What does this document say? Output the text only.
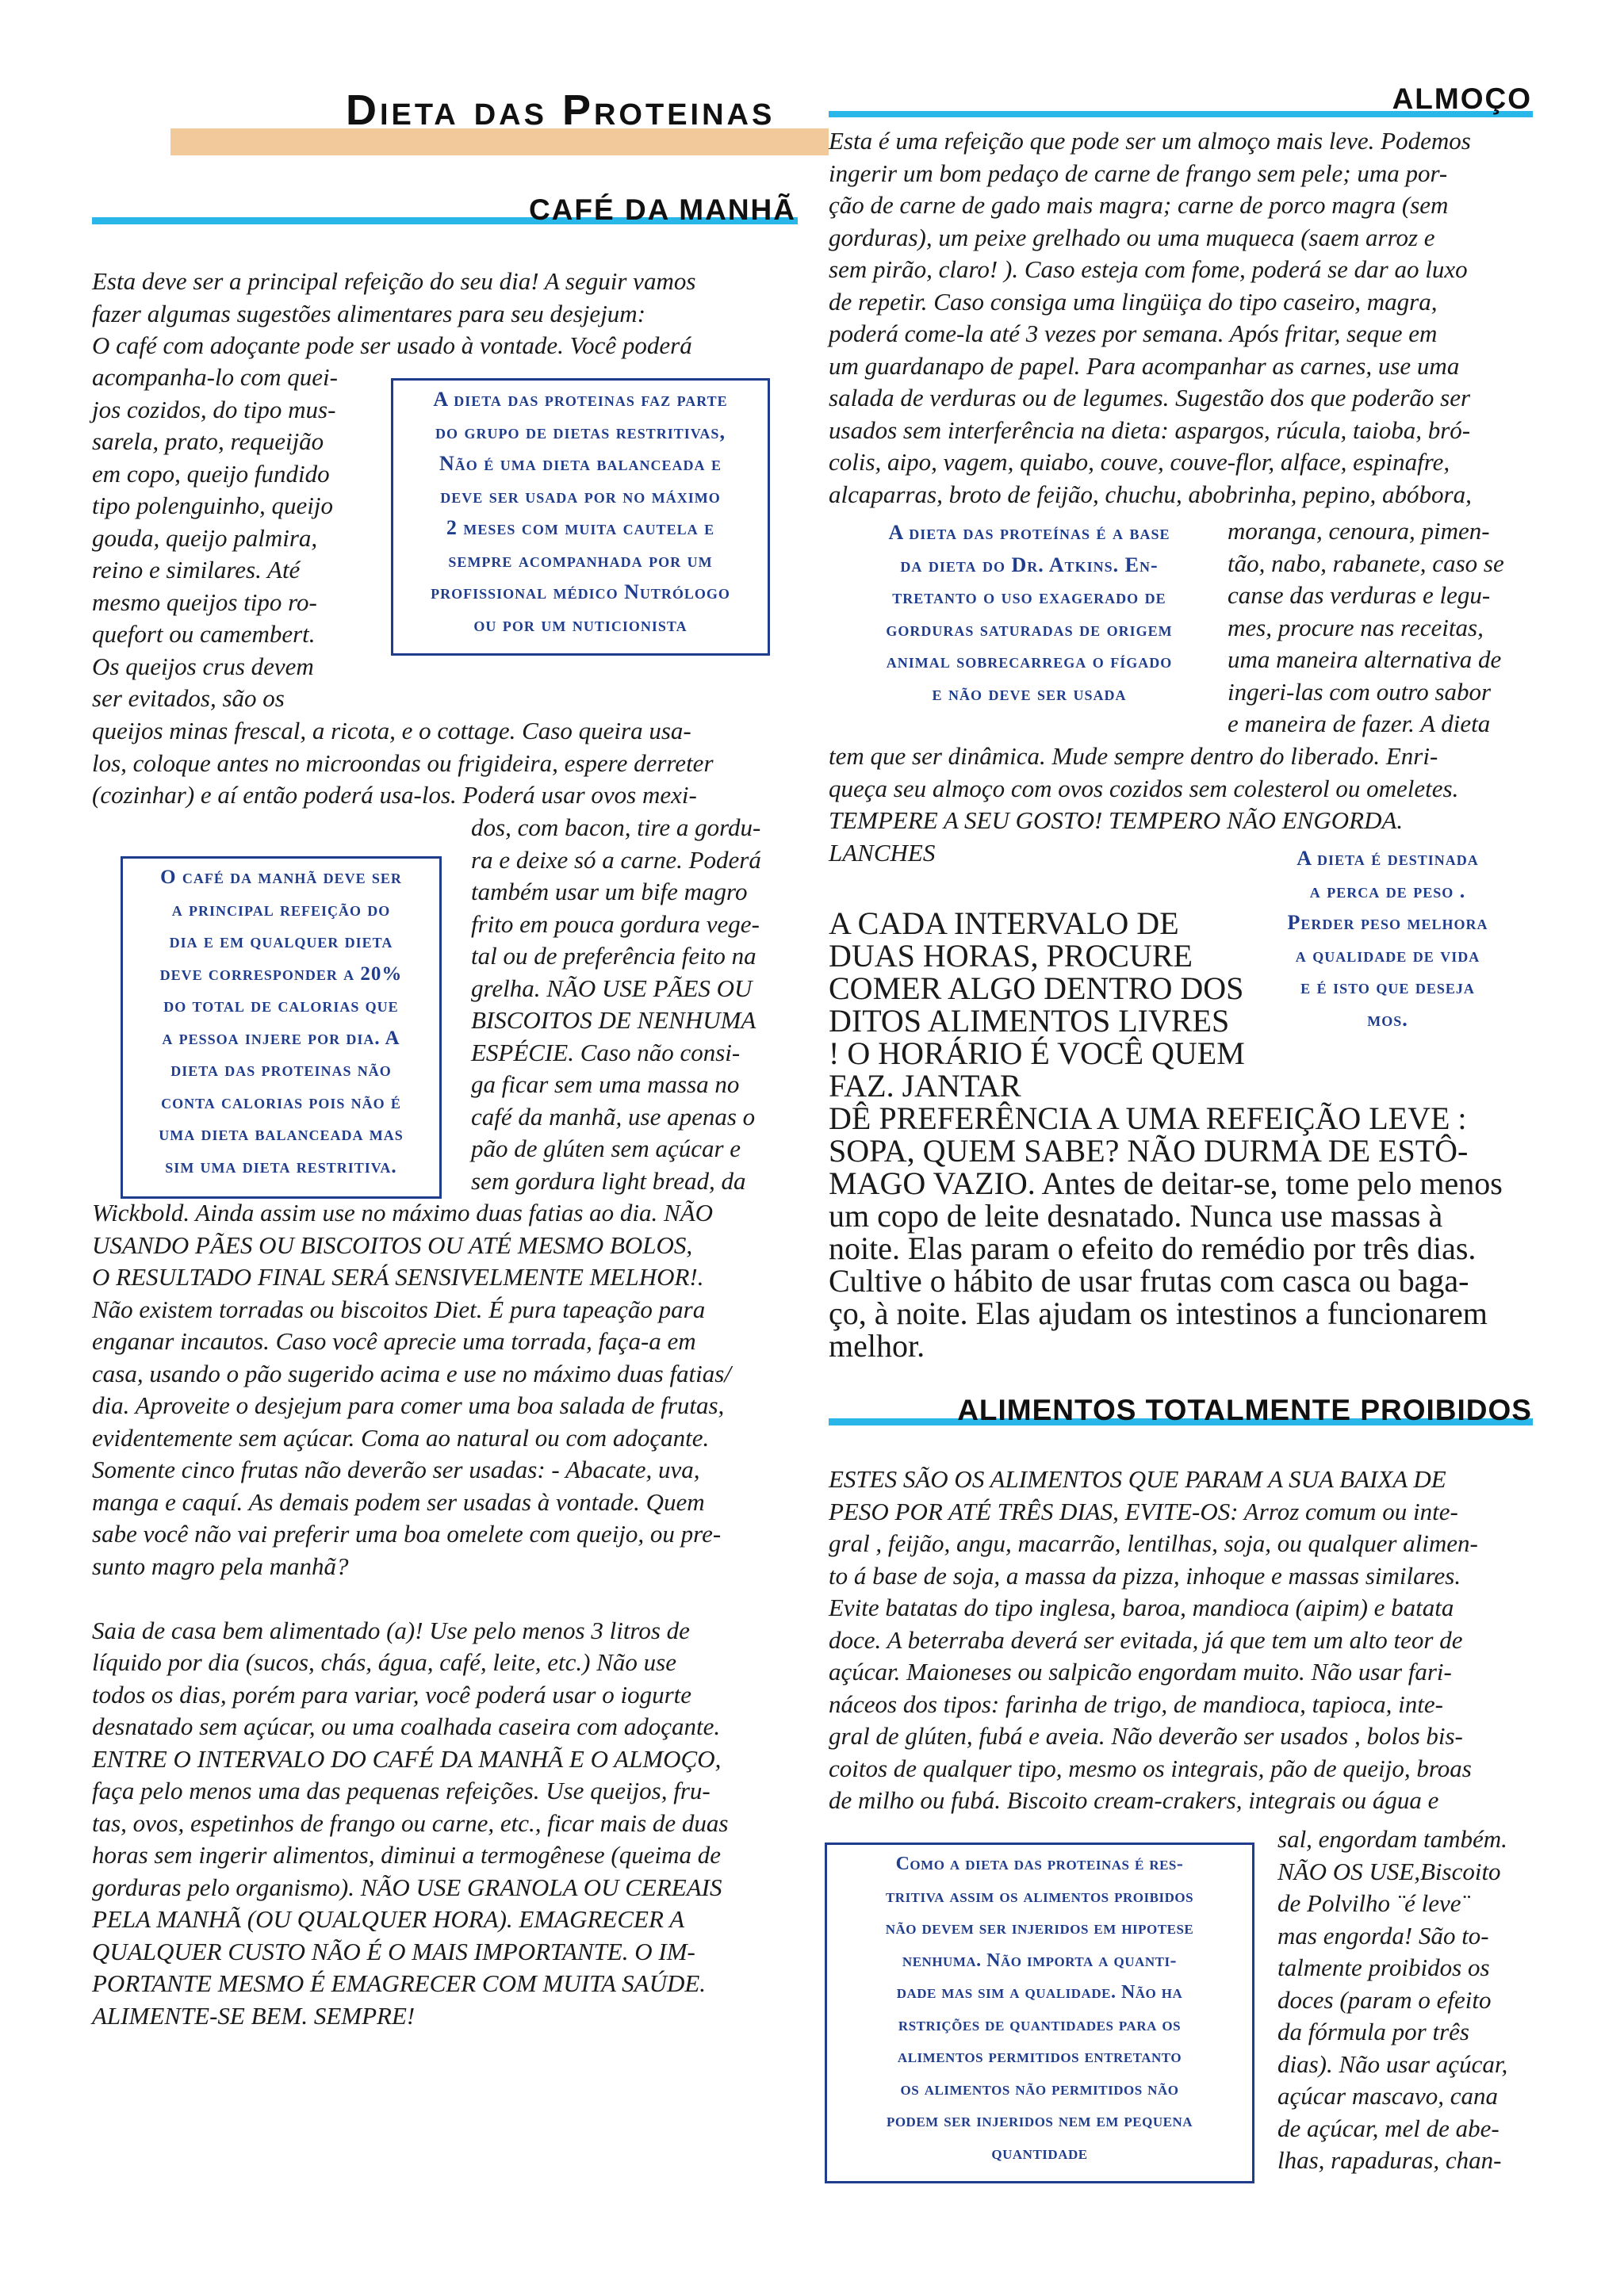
Dieta das Proteinas	ALMOÇO
CAFÉ DA MANHÃ
ALIMENTOS TOTALMENTE PROIBIDOS
Esta deve ser a principal refeição do seu dia! A seguir vamos
fazer algumas sugestões alimentares para seu desjejum:
O café com adoçante pode ser usado à vontade. Você poderá
acompanha-lo com quei-
jos cozidos, do tipo mus-
sarela, prato, requeijão
em copo, queijo fundido
tipo polenguinho, queijo
gouda, queijo palmira,
reino e similares. Até
mesmo queijos tipo ro-
quefort ou camembert.
Os queijos crus devem
ser evitados, são os
A dieta das proteinas faz parte
do grupo de dietas restritivas,
Não é uma dieta balanceada e
deve ser usada por no máximo
2 meses com muita cautela e
sempre acompanhada por um
profissional médico Nutrólogo
ou por um nuticionista
queijos minas frescal, a ricota, e o cottage. Caso queira usa-
los, coloque antes no microondas ou frigideira, espere derreter
(cozinhar) e aí então poderá usa-los. Poderá usar ovos mexi-
O café da manhã deve ser
a principal refeição do
dia e em qualquer dieta
deve corresponder a 20%
do total de calorias que
a pessoa injere por dia. A
dieta das proteinas não
conta calorias pois não é
uma dieta balanceada mas
sim uma dieta restritiva.
dos, com bacon, tire a gordu-
ra e deixe só a carne. Poderá
também usar um bife magro
frito em pouca gordura vege-
tal ou de preferência feito na
grelha. NÃO USE PÃES OU
BISCOITOS DE NENHUMA
ESPÉCIE. Caso não consi-
ga ficar sem uma massa no
café da manhã, use apenas o
pão de glúten sem açúcar e
sem gordura light bread, da
Wickbold. Ainda assim use no máximo duas fatias ao dia. NÃO
USANDO PÃES OU BISCOITOS OU ATÉ MESMO BOLOS,
O RESULTADO FINAL SERÁ SENSIVELMENTE MELHOR!.
Não existem torradas ou biscoitos Diet. É pura tapeação para
enganar incautos. Caso você aprecie uma torrada, faça-a em
casa, usando o pão sugerido acima e use no máximo duas fatias/
dia. Aproveite o desjejum para comer uma boa salada de frutas,
evidentemente sem açúcar. Coma ao natural ou com adoçante.
Somente cinco frutas não deverão ser usadas: - Abacate, uva,
manga e caquí. As demais podem ser usadas à vontade. Quem
sabe você não vai preferir uma boa omelete com queijo, ou pre-
sunto magro pela manhã?
Saia de casa bem alimentado (a)! Use pelo menos 3 litros de
líquido por dia (sucos, chás, água, café, leite, etc.) Não use
todos os dias, porém para variar, você poderá usar o iogurte
desnatado sem açúcar, ou uma coalhada caseira com adoçante.
ENTRE O INTERVALO DO CAFÉ DA MANHÃ E O ALMOÇO,
faça pelo menos uma das pequenas refeições. Use queijos, fru-
tas, ovos, espetinhos de frango ou carne, etc., ficar mais de duas
horas sem ingerir alimentos, diminui a termogênese (queima de
gorduras pelo organismo). NÃO USE GRANOLA OU CEREAIS
PELA MANHÃ (OU QUALQUER HORA). EMAGRECER A
QUALQUER CUSTO NÃO É O MAIS IMPORTANTE. O IM-
PORTANTE MESMO É EMAGRECER COM MUITA SAÚDE.
ALIMENTE-SE BEM. SEMPRE!
Esta é uma refeição que pode ser um almoço mais leve. Podemos
ingerir um bom pedaço de carne de frango sem pele; uma por-
ção de carne de gado mais magra; carne de porco magra (sem
gorduras), um peixe grelhado ou uma muqueca (saem arroz e
sem pirão, claro! ). Caso esteja com fome, poderá se dar ao luxo
de repetir. Caso consiga uma lingüiça do tipo caseiro, magra,
poderá come-la até 3 vezes por semana. Após fritar, seque em
um guardanapo de papel. Para acompanhar as carnes, use uma
salada de verduras ou de legumes. Sugestão dos que poderão ser
usados sem interferência na dieta: aspargos, rúcula, taioba, bró-
colis, aipo, vagem, quiabo, couve, couve-flor, alface, espinafre,
alcaparras, broto de feijão, chuchu, abobrinha, pepino, abóbora,
A dieta das proteínas é a base
da dieta do Dr. Atkins. En-
tretanto o uso exagerado de
gorduras saturadas de origem
animal sobrecarrega o fígado
e não deve ser usada
moranga, cenoura, pimen-
tão, nabo, rabanete, caso se
canse das verduras e legu-
mes, procure nas receitas,
uma maneira alternativa de
ingeri-las com outro sabor
e maneira de fazer. A dieta
tem que ser dinâmica. Mude sempre dentro do liberado. Enri-
queça seu almoço com ovos cozidos sem colesterol ou omeletes.
TEMPERE A SEU GOSTO! TEMPERO NÃO ENGORDA.
LANCHES	A dieta é destinada
a perca de peso .
Perder peso melhora
a qualidade de vida
e é isto que deseja
mos.
A CADA INTERVALO DE
DUAS HORAS, PROCURE
COMER ALGO DENTRO DOS
DITOS ALIMENTOS LIVRES
! O HORÁRIO É VOCÊ QUEM
FAZ. JANTAR
DÊ PREFERÊNCIA A UMA REFEIÇÃO LEVE :
SOPA, QUEM SABE? NÃO DURMA DE ESTÔ-
MAGO VAZIO. Antes de deitar-se, tome pelo menos
um copo de leite desnatado. Nunca use massas à
noite. Elas param o efeito do remédio por três dias.
Cultive o hábito de usar frutas com casca ou baga-
ço, à noite. Elas ajudam os intestinos a funcionarem
melhor.
ESTES SÃO OS ALIMENTOS QUE PARAM A SUA BAIXA DE
PESO POR ATÉ TRÊS DIAS, EVITE-OS: Arroz comum ou inte-
gral , feijão, angu, macarrão, lentilhas, soja, ou qualquer alimen-
to á base de soja, a massa da pizza, inhoque e massas similares.
Evite batatas do tipo inglesa, baroa, mandioca (aipim) e batata
doce. A beterraba deverá ser evitada, já que tem um alto teor de
açúcar. Maioneses ou salpicão engordam muito. Não usar fari-
náceos dos tipos: farinha de trigo, de mandioca, tapioca, inte-
gral de glúten, fubá e aveia. Não deverão ser usados , bolos bis-
coitos de qualquer tipo, mesmo os integrais, pão de queijo, broas
de milho ou fubá. Biscoito cream-crakers, integrais ou água e
Como a dieta das proteinas é res-
tritiva assim os alimentos proibidos
não devem ser injeridos em hipotese
nenhuma. Não importa a quanti-
dade mas sim a qualidade. Não ha
rstrições de quantidades para os
alimentos permitidos entretanto
os alimentos não permitidos não
podem ser injeridos nem em pequena
quantidade
sal, engordam também.
NÃO OS USE,Biscoito
de Polvilho ¨é leve¨
mas engorda! São to-
talmente proibidos os
doces (param o efeito
da fórmula por três
dias). Não usar açúcar,
açúcar mascavo, cana
de açúcar, mel de abe-
lhas, rapaduras, chan-
